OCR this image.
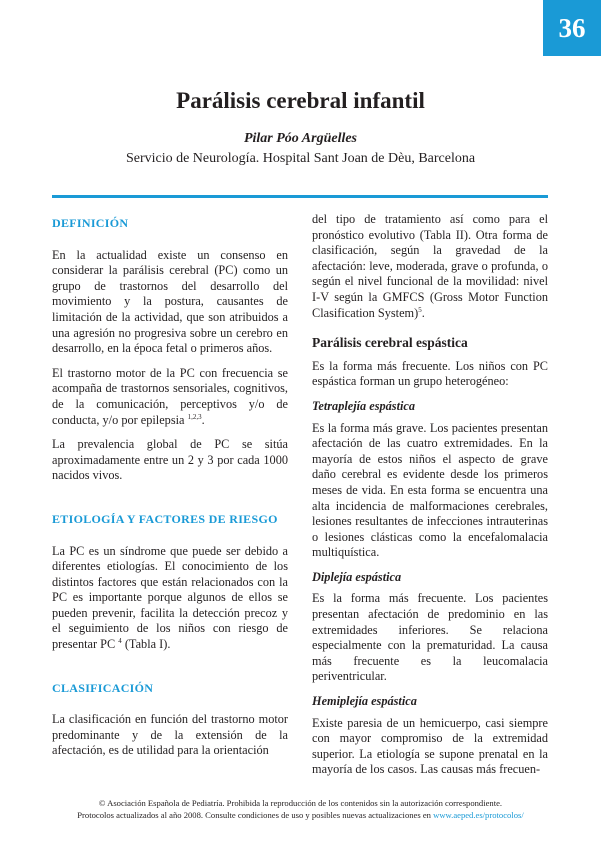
36
Parálisis cerebral infantil
Pilar Póo Argüelles
Servicio de Neurología. Hospital Sant Joan de Dèu, Barcelona
DEFINICIÓN

En la actualidad existe un consenso en considerar la parálisis cerebral (PC) como un grupo de trastornos del desarrollo del movimiento y la postura, causantes de limitación de la actividad, que son atribuidos a una agresión no progresiva sobre un cerebro en desarrollo, en la época fetal o primeros años.

El trastorno motor de la PC con frecuencia se acompaña de trastornos sensoriales, cognitivos, de la comunicación, perceptivos y/o de conducta, y/o por epilepsia $^{1,2,3}$.

La prevalencia global de PC se sitúa aproximadamente entre un 2 y 3 por cada 1000 nacidos vivos.

ETIOLOGÍA Y FACTORES DE RIESGO

La PC es un síndrome que puede ser debido a diferentes etiologías. El conocimiento de los distintos factores que están relacionados con la PC es importante porque algunos de ellos se pueden prevenir, facilita la detección precoz y el seguimiento de los niños con riesgo de presentar PC $^4$ (Tabla I).

CLASIFICACIÓN

La clasificación en función del trastorno motor predominante y de la extensión de la afectación, es de utilidad para la orientación

del tipo de tratamiento así como para el pronóstico evolutivo (Tabla II). Otra forma de clasificación, según la gravedad de la afectación: leve, moderada, grave o profunda, o según el nivel funcional de la movilidad: nivel I-V según la GMFCS (Gross Motor Function Clasification System)$^5$.

Parálisis cerebral espástica

Es la forma más frecuente. Los niños con PC espástica forman un grupo heterogéneo:

Tetraplejía espástica

Es la forma más grave. Los pacientes presentan afectación de las cuatro extremidades. En la mayoría de estos niños el aspecto de grave daño cerebral es evidente desde los primeros meses de vida. En esta forma se encuentra una alta incidencia de malformaciones cerebrales, lesiones resultantes de infecciones intrauterinas o lesiones clásticas como la encefalomalacia multiquística.

Diplejía espástica

Es la forma más frecuente. Los pacientes presentan afectación de predominio en las extremidades inferiores. Se relaciona especialmente con la prematuridad. La causa más frecuente es la leucomalacia periventricular.

Hemiplejía espástica

Existe paresia de un hemicuerpo, casi siempre con mayor compromiso de la extremidad superior. La etiología se supone prenatal en la mayoría de los casos. Las causas más frecuen-

© Asociación Española de Pediatría. Prohibida la reproducción de los contenidos sin la autorización correspondiente.
Protocolos actualizados al año 2008. Consulte condiciones de uso y posibles nuevas actualizaciones en www.aeped.es/protocolos/
